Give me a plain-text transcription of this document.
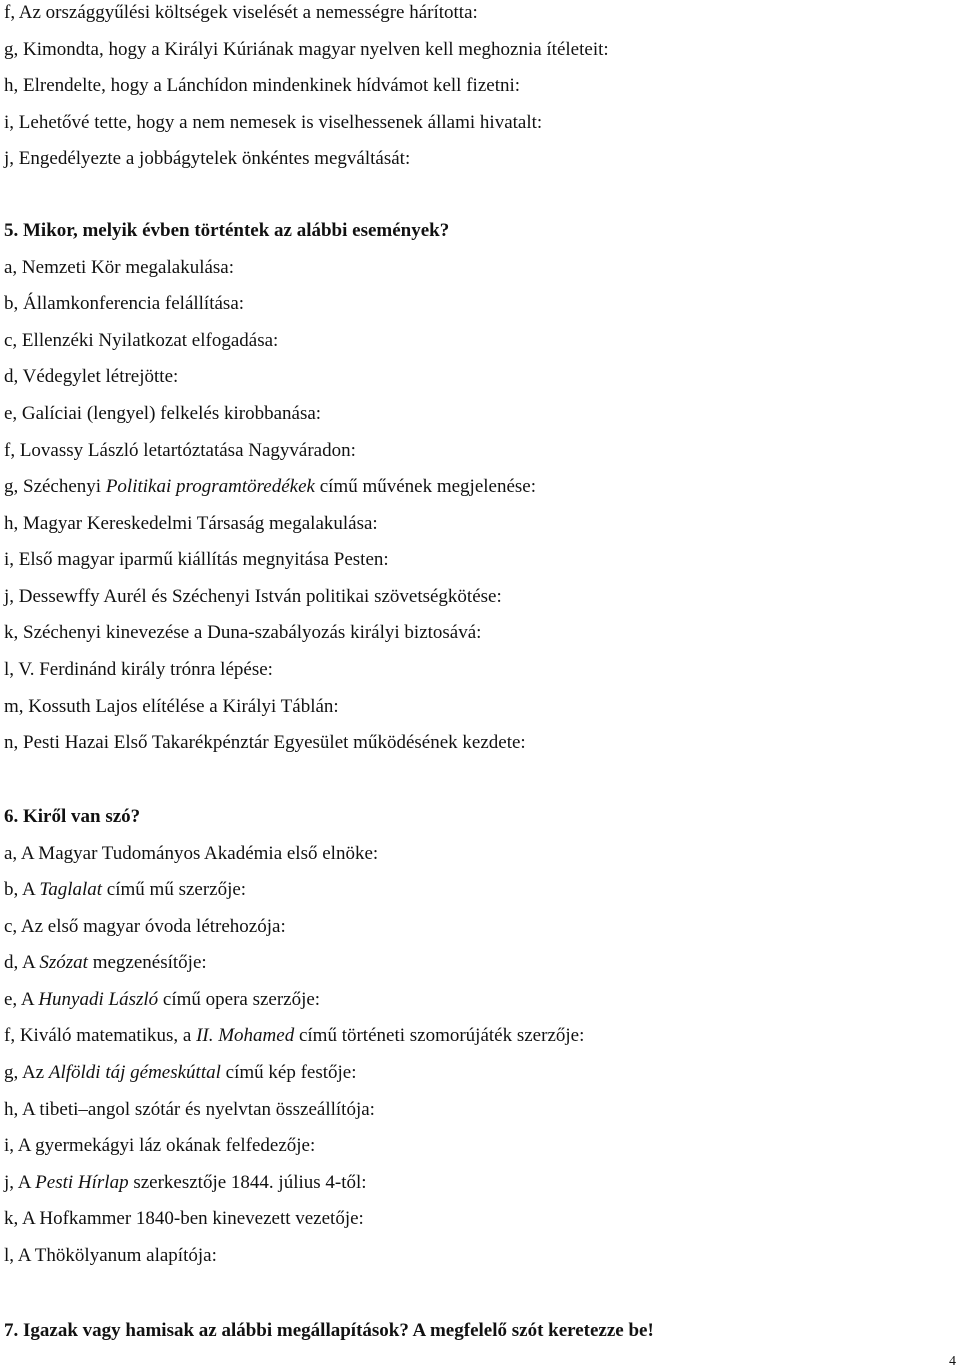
f, Az országgyűlési költségek viselését a nemességre hárította:
g, Kimondta, hogy a Királyi Kúriának magyar nyelven kell meghoznia ítéleteit:
h, Elrendelte, hogy a Lánchídon mindenkinek hídvámot kell fizetni:
i, Lehetővé tette, hogy a nem nemesek is viselhessenek állami hivatalt:
j, Engedélyezte a jobbágytelek önkéntes megváltását:
5. Mikor, melyik évben történtek az alábbi események?
a, Nemzeti Kör megalakulása:
b, Államkonferencia felállítása:
c, Ellenzéki Nyilatkozat elfogadása:
d, Védegylet létrejötte:
e, Galíciai (lengyel) felkelés kirobbanása:
f, Lovassy László letartóztatása Nagyváradon:
g, Széchenyi Politikai programtöredékek című művének megjelenése:
h, Magyar Kereskedelmi Társaság megalakulása:
i, Első magyar iparmű kiállítás megnyitása Pesten:
j, Dessewffy Aurél és Széchenyi István politikai szövetségkötése:
k, Széchenyi kinevezése a Duna-szabályozás királyi biztosává:
l, V. Ferdinánd király trónra lépése:
m, Kossuth Lajos elítélése a Királyi Táblán:
n, Pesti Hazai Első Takarékpénztár Egyesület működésének kezdete:
6. Kiről van szó?
a, A Magyar Tudományos Akadémia első elnöke:
b, A Taglalat című mű szerzője:
c, Az első magyar óvoda létrehozója:
d, A Szózat megzenésítője:
e, A Hunyadi László című opera szerzője:
f, Kiváló matematikus, a II. Mohamed című történeti szomorújáték szerzője:
g, Az Alföldi táj gémeskúttal című kép festője:
h, A tibeti–angol szótár és nyelvtan összeállítója:
i, A gyermekágyi láz okának felfedezője:
j, A Pesti Hírlap szerkesztője 1844. július 4-től:
k, A Hofkammer 1840-ben kinevezett vezetője:
l, A Thökölyanum alapítója:
7. Igazak vagy hamisak az alábbi megállapítások? A megfelelő szót keretezze be!
4
